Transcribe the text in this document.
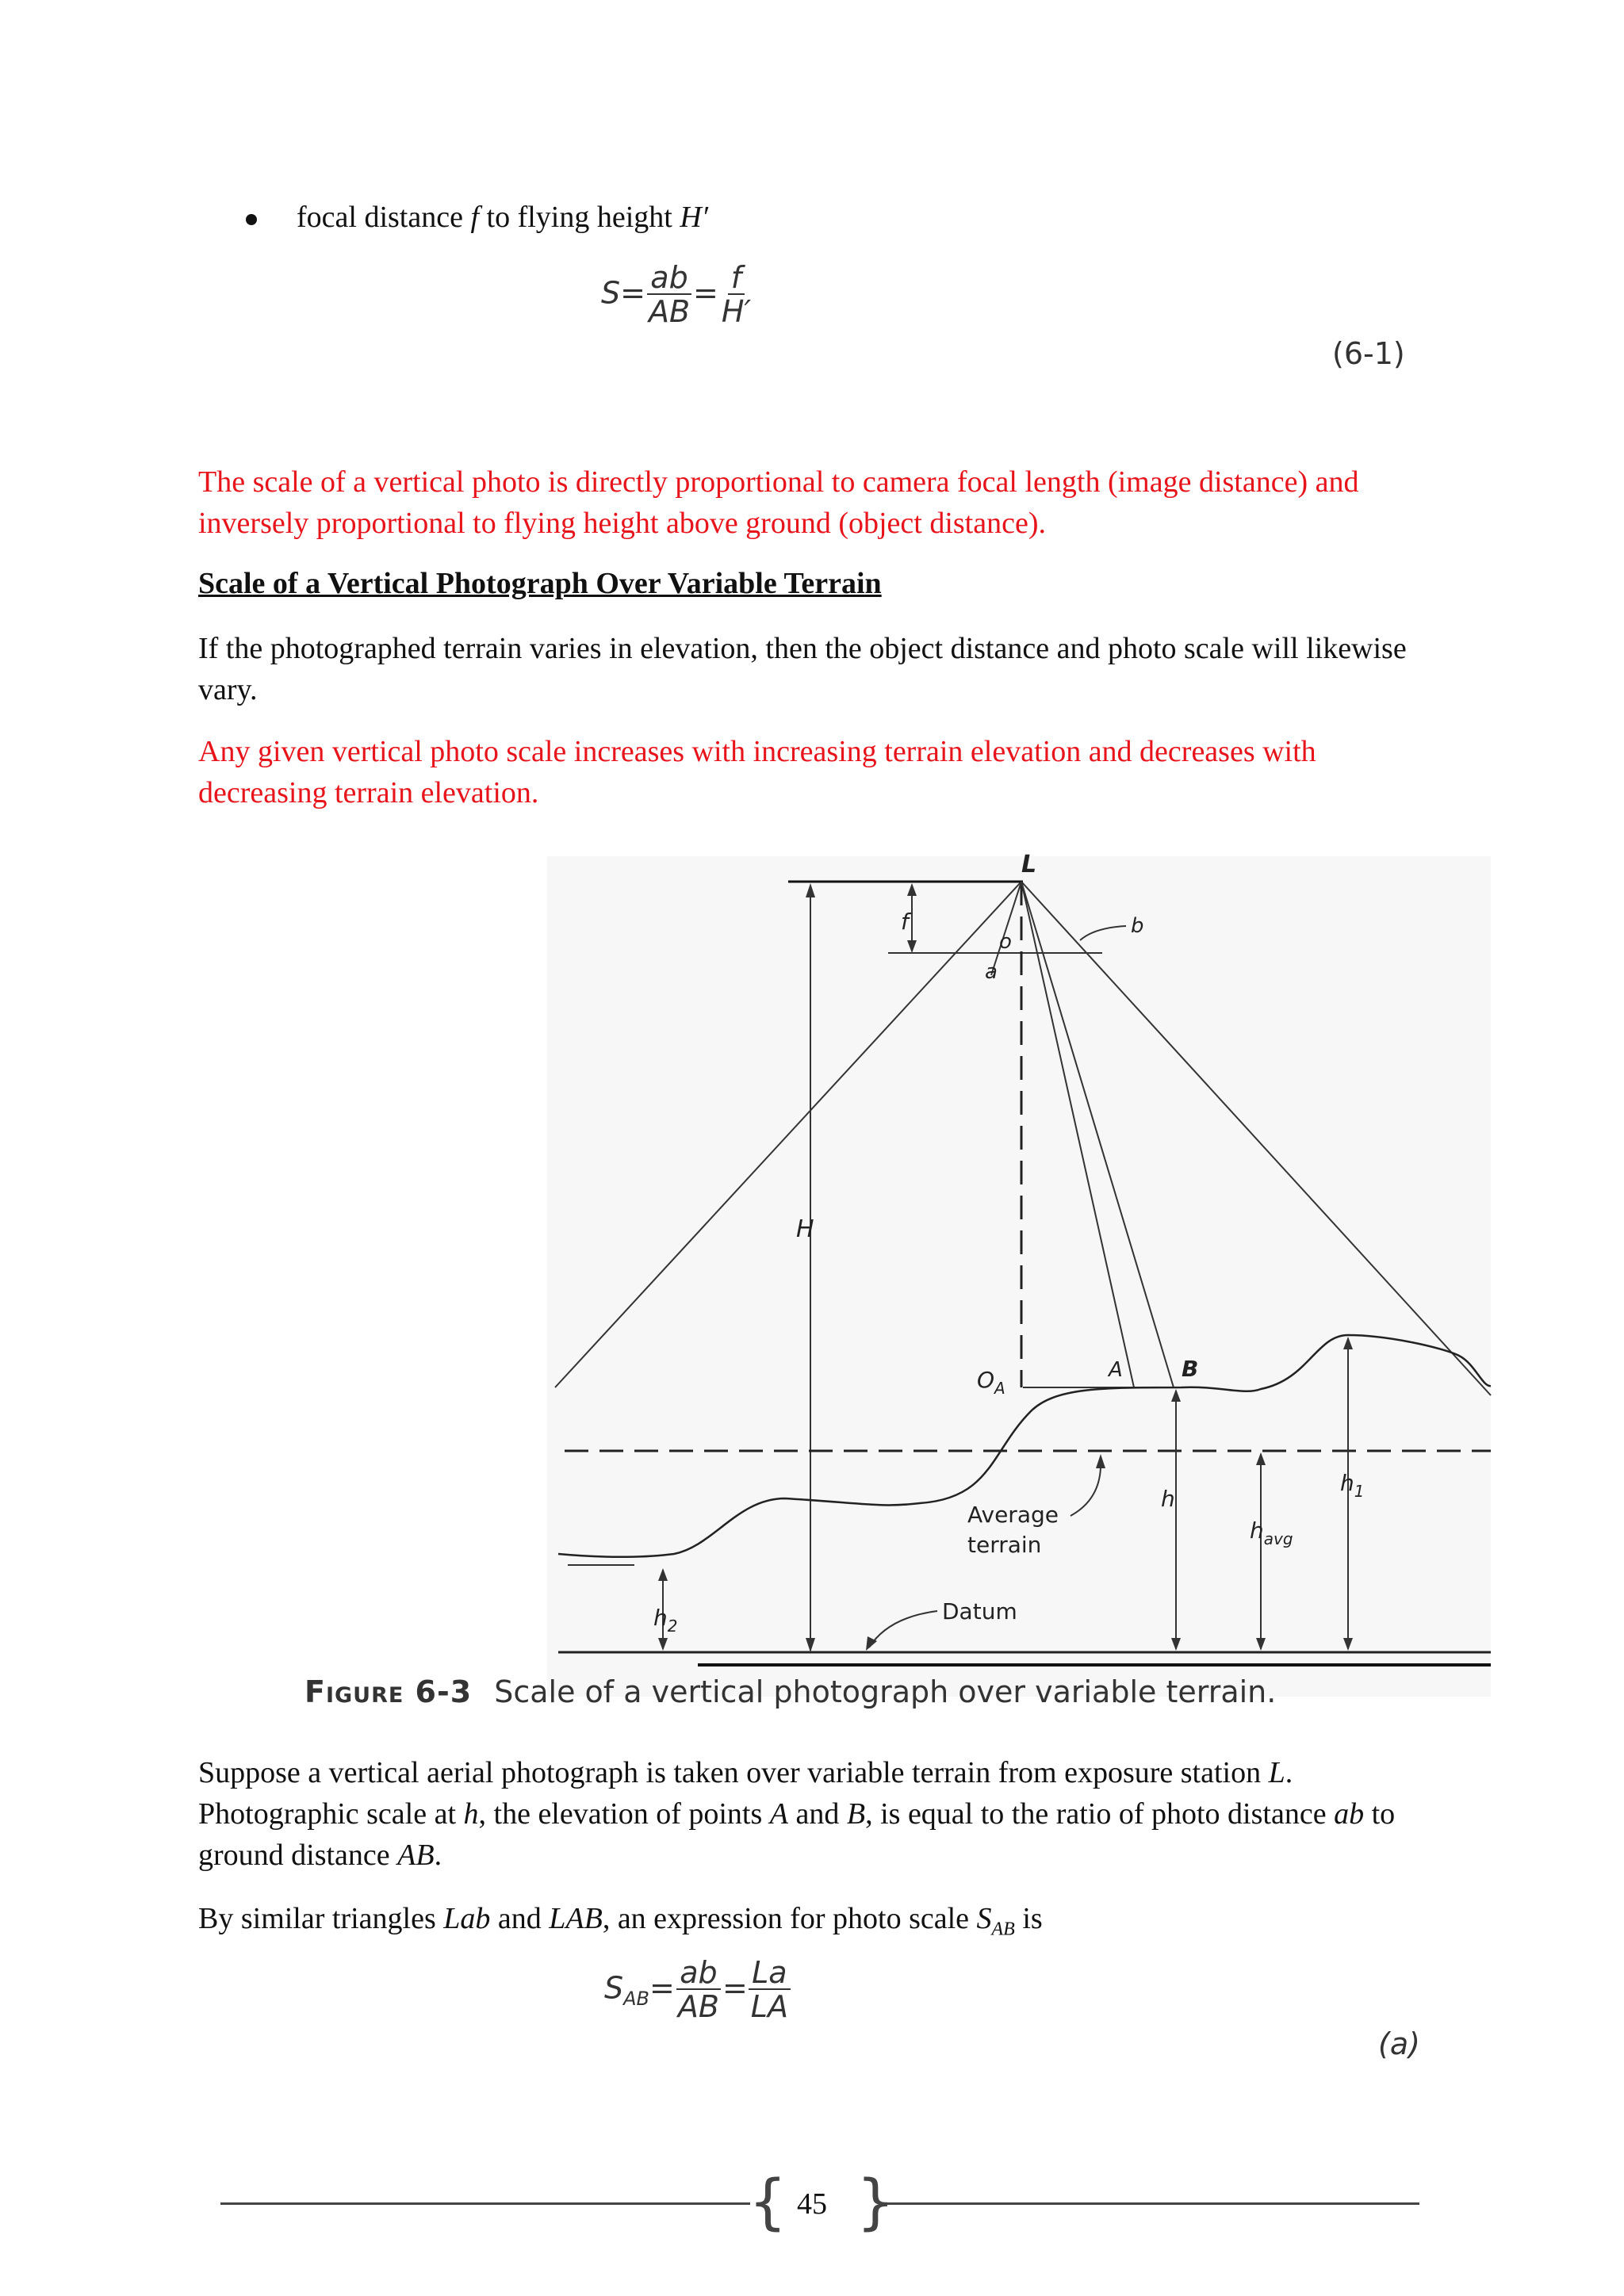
focal distance f to flying height H′
$S= \frac{ab}{AB} = \frac{f}{H'}$
(6-1)
The scale of a vertical photo is directly proportional to camera focal length (image distance) and inversely proportional to flying height above ground (object distance).
Scale of a Vertical Photograph Over Variable Terrain
If the photographed terrain varies in elevation, then the object distance and photo scale will likewise vary.
Any given vertical photo scale increases with increasing terrain elevation and decreases with decreasing terrain elevation.
H
f
L
o
a
b
$O_A$
A	B
h
$h_{avg}$
$h_1$
$h_2$
Average
terrain
Datum
Figure 6-3 Scale of a vertical photograph over variable terrain.
Suppose a vertical aerial photograph is taken over variable terrain from exposure station L. Photographic scale at h, the elevation of points A and B, is equal to the ratio of photo distance ab to ground distance AB.
By similar triangles Lab and LAB, an expression for photo scale $S_{AB}$ is
$S_{AB}= \frac{ab}{AB} = \frac{La}{LA}$
(a)
{ }
45
